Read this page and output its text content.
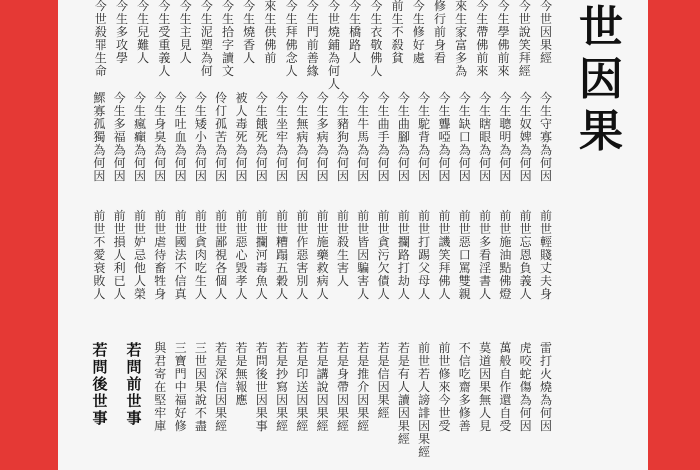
今世因果經
今世說笑拜經
今生學佛前來
今生帶佛前來
來生家富多為
修行前身看
今生修好處
前生不殺貧
今生衣敬佛人
今生橋路人
今世燒鋪為何人
今生門前善緣
今生拜佛念人
來生供佛前
今生燒香人
今生拾字讀文
今生泥塑為何
今生主見人
今生受重義人
今生兒難人
今生多攻學
今世殺罪生命
今生守寡為何因
今生奴婢為何因
今生聰明為何因
今生瞎眼為何因
今生缺口為何因
今生聾啞為何因
今生駝背為何因
今生曲腳為何因
今生曲手為何因
今生牛馬為何因
今生豬狗為何因
今生多病為何因
今生無病為何因
今生坐牢為何因
今生餓死為何因
被人毒死為何因
伶仃孤苦為何因
今生矮小為何因
今生吐血為何因
今生身臭為何因
今生瘋癲為何因
今生多福為何因
鰥寡孤獨為何因
前世輕賤丈夫身
前世忘恩負義人
前世施油點佛燈
前世多看淫書人
前世惡口罵雙親
前世譏笑拜佛人
前世打踢父母人
前世攔路打劫人
前世貪污欠債人
前世皆因騙害人
前世殺生害人
前世施藥救病人
前世作惡害別人
前世糟蹋五穀人
前世攔河毒魚人
前世惡心毀孝人
前世鄙視各個人
前世貪肉吃生人
前世國法不信真
前世虐待畜牲身
前世妒忌他人榮
前世損人利已人
前世不愛衰敗人
雷打火燒為何因
虎咬蛇傷為何因
萬般自作還自受
莫道因果無人見
不信吃齋多修善
前世修來今世受
前世若人謗誹因果經
若是有人讀因果經
若是信因果經
若是推介因果經
若是身帶因果經
若是講說因果經
若是印送因果經
若是抄寫因果經
若問後世因果事
若是無報應
若是深信因果經
三世因果說不盡
三寶門中福好修
與君寄在堅牢庫
若問前世事
若問後世事
世因果
